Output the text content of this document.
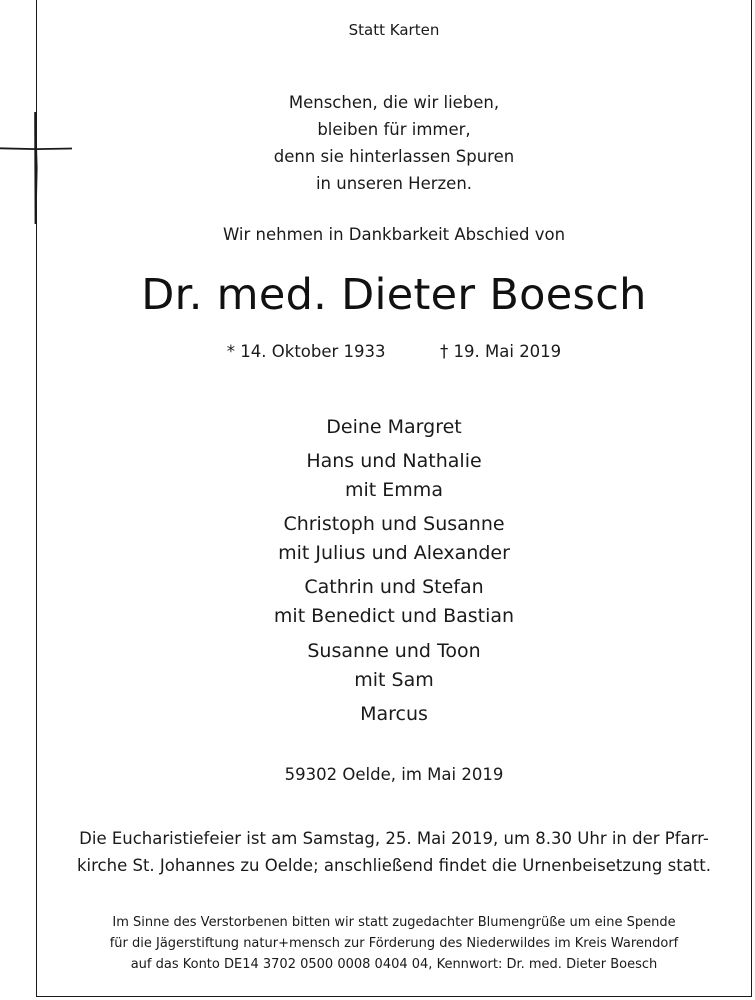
Statt Karten
Menschen, die wir lieben,
bleiben für immer,
denn sie hinterlassen Spuren
in unseren Herzen.
Wir nehmen in Dankbarkeit Abschied von
Dr. med. Dieter Boesch
* 14. Oktober 1933	† 19. Mai 2019
Deine Margret
Hans und Nathalie
mit Emma
Christoph und Susanne
mit Julius und Alexander
Cathrin und Stefan
mit Benedict und Bastian
Susanne und Toon
mit Sam
Marcus
59302 Oelde, im Mai 2019
Die Eucharistiefeier ist am Samstag, 25. Mai 2019, um 8.30 Uhr in der Pfarr-
kirche St. Johannes zu Oelde; anschließend findet die Urnenbeisetzung statt.
Im Sinne des Verstorbenen bitten wir statt zugedachter Blumengrüße um eine Spende
für die Jägerstiftung natur+mensch zur Förderung des Niederwildes im Kreis Warendorf
auf das Konto DE14 3702 0500 0008 0404 04, Kennwort: Dr. med. Dieter Boesch
